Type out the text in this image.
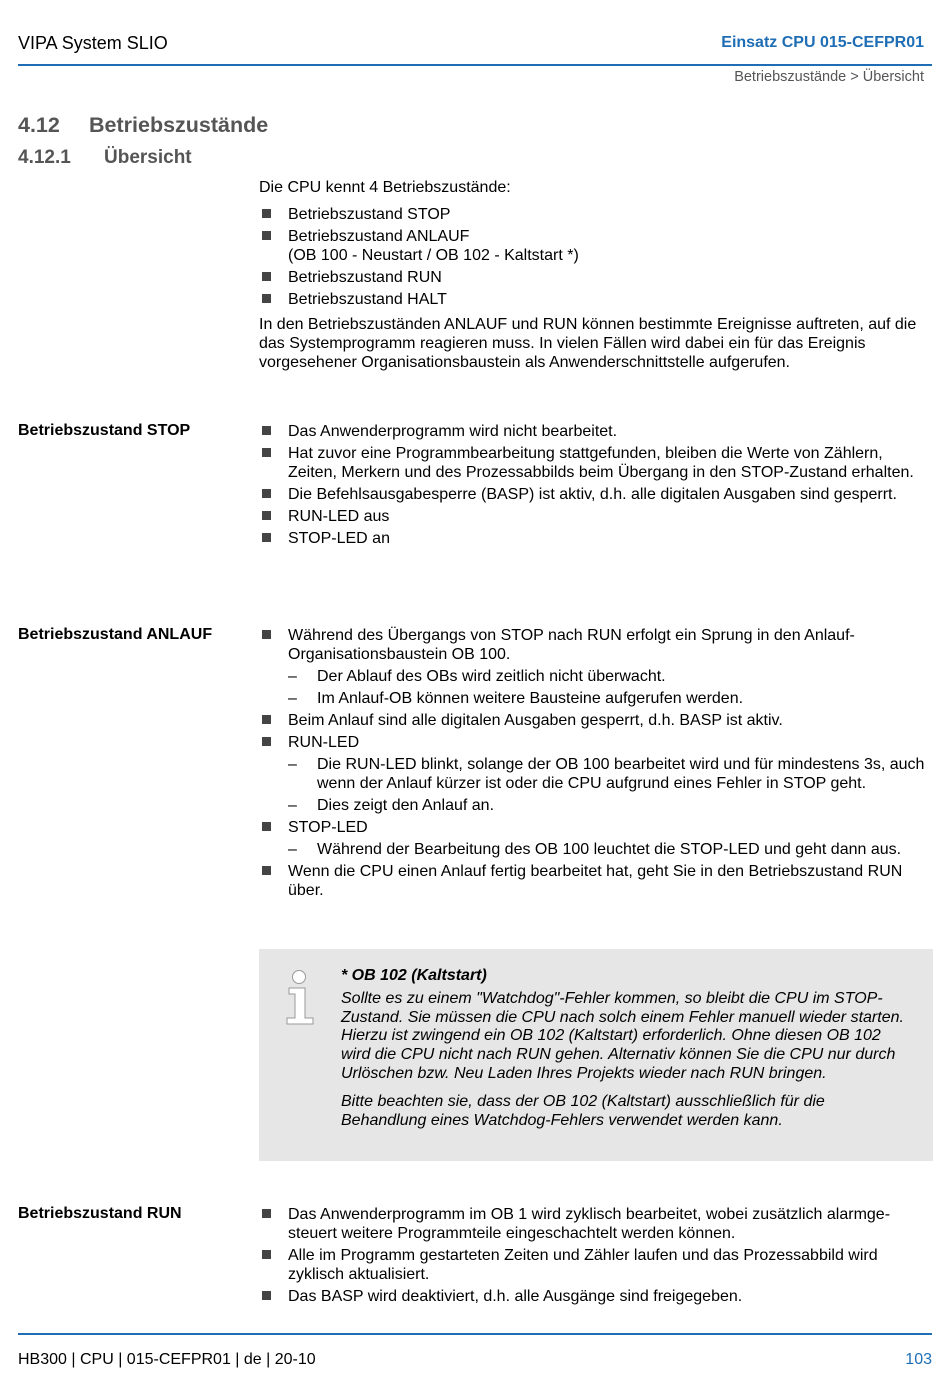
VIPA System SLIO	Einsatz CPU 015-CEFPR01
Betriebszustände > Übersicht
4.12 Betriebszustände
4.12.1 Übersicht

Die CPU kennt 4 Betriebszustände:

Betriebszustand STOP
Betriebszustand ANLAUF
(OB 100 - Neustart / OB 102 - Kaltstart *)
Betriebszustand RUN
Betriebszustand HALT

In den Betriebszuständen ANLAUF und RUN können bestimmte Ereignisse auftreten, auf die das Systemprogramm reagieren muss. In vielen Fällen wird dabei ein für das Ereignis vorgesehener Organisationsbaustein als Anwenderschnittstelle aufgerufen.

Betriebszustand STOP	Das Anwenderprogramm wird nicht bearbeitet.
Hat zuvor eine Programmbearbeitung stattgefunden, bleiben die Werte von Zählern, Zeiten, Merkern und des Prozessabbilds beim Übergang in den STOP-Zustand erhalten.
Die Befehlsausgabesperre (BASP) ist aktiv, d.h. alle digitalen Ausgaben sind gesperrt.
RUN-LED aus
STOP-LED an
Betriebszustand ANLAUF	Während des Übergangs von STOP nach RUN erfolgt ein Sprung in den Anlauf-Organisationsbaustein OB 100.
– Der Ablauf des OBs wird zeitlich nicht überwacht.
– Im Anlauf-OB können weitere Bausteine aufgerufen werden.
Beim Anlauf sind alle digitalen Ausgaben gesperrt, d.h. BASP ist aktiv.
RUN-LED
– Die RUN-LED blinkt, solange der OB 100 bearbeitet wird und für mindestens 3s, auch wenn der Anlauf kürzer ist oder die CPU aufgrund eines Fehler in STOP geht.
– Dies zeigt den Anlauf an.
STOP-LED
– Während der Bearbeitung des OB 100 leuchtet die STOP-LED und geht dann aus.
Wenn die CPU einen Anlauf fertig bearbeitet hat, geht Sie in den Betriebszustand RUN über.

* OB 102 (Kaltstart)

Sollte es zu einem "Watchdog"-Fehler kommen, so bleibt die CPU im STOP-Zustand. Sie müssen die CPU nach solch einem Fehler manuell wieder starten. Hierzu ist zwingend ein OB 102 (Kaltstart) erforderlich. Ohne diesen OB 102 wird die CPU nicht nach RUN gehen. Alternativ können Sie die CPU nur durch Urlöschen bzw. Neu Laden Ihres Projekts wieder nach RUN bringen.

Bitte beachten sie, dass der OB 102 (Kaltstart) ausschließlich für die Behandlung eines Watchdog-Fehlers verwendet werden kann.

Betriebszustand RUN	Das Anwenderprogramm im OB 1 wird zyklisch bearbeitet, wobei zusätzlich alarmge-steuert weitere Programmteile eingeschachtelt werden können.
Alle im Programm gestarteten Zeiten und Zähler laufen und das Prozessabbild wird zyklisch aktualisiert.
Das BASP wird deaktiviert, d.h. alle Ausgänge sind freigegeben.
HB300 | CPU | 015-CEFPR01 | de | 20-10	103
